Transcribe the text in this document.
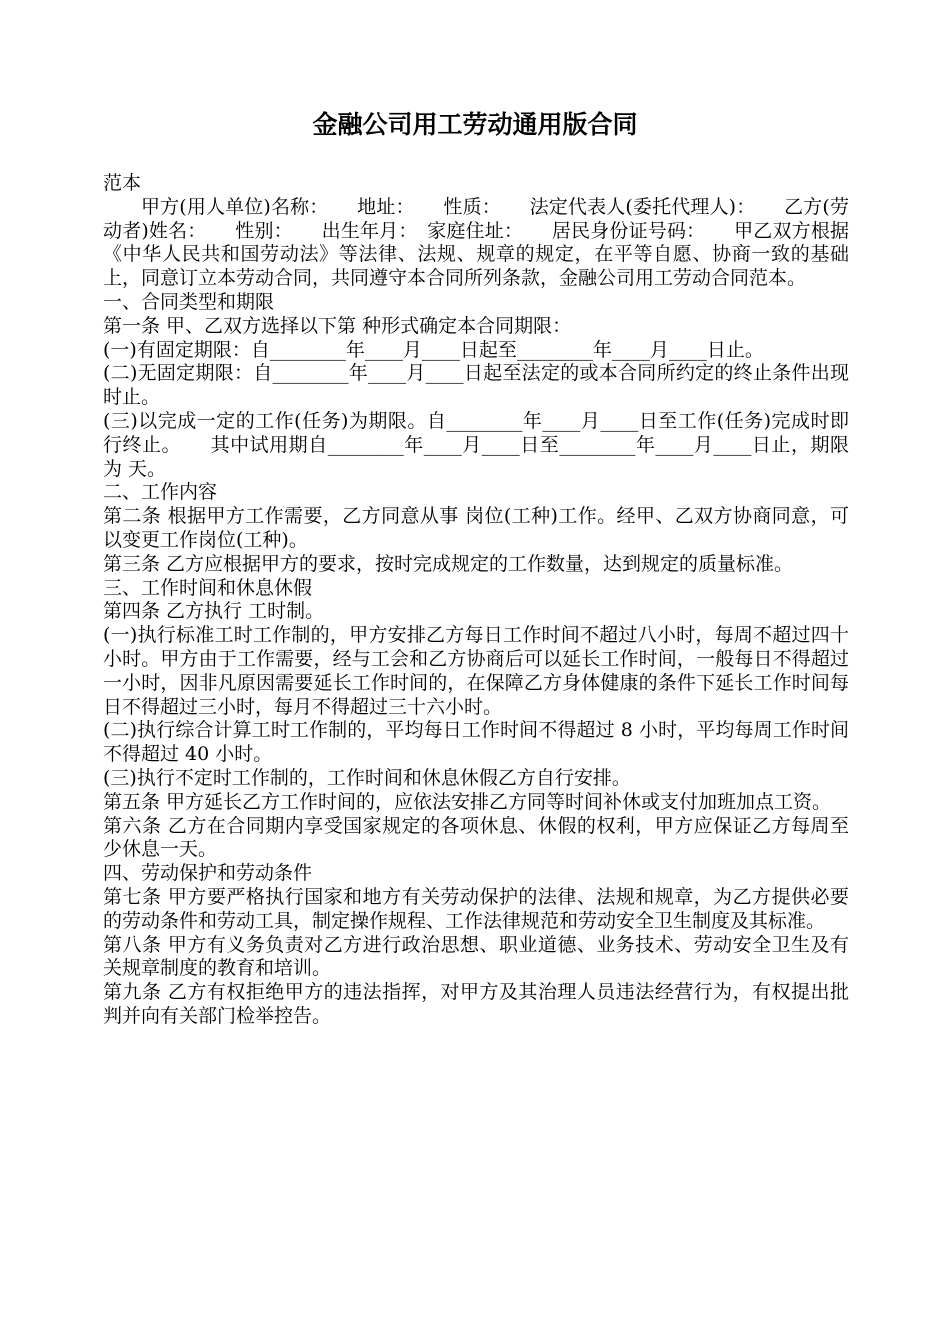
金融公司用工劳动通用版合同

范本

甲方(用人单位)名称：　　地址：　　性质：　　法定代表人(委托代理人)：　　乙方(劳动者)姓名：　　性别：　　出生年月：　家庭住址：　　居民身份证号码：　　甲乙双方根据《中华人民共和国劳动法》等法律、法规、规章的规定，在平等自愿、协商一致的基础上，同意订立本劳动合同，共同遵守本合同所列条款，金融公司用工劳动合同范本。

一、合同类型和期限

第一条 甲、乙双方选择以下第 种形式确定本合同期限：

(一)有固定期限：自________年____月____日起至________年____月____日止。

(二)无固定期限：自________年____月____日起至法定的或本合同所约定的终止条件出现时止。

(三)以完成一定的工作(任务)为期限。自________年____月____日至工作(任务)完成时即行终止。　　其中试用期自________年____月____日至________年____月____日止，期限为 天。

二、工作内容

第二条 根据甲方工作需要，乙方同意从事 岗位(工种)工作。经甲、乙双方协商同意，可以变更工作岗位(工种)。

第三条 乙方应根据甲方的要求，按时完成规定的工作数量，达到规定的质量标准。

三、工作时间和休息休假

第四条 乙方执行 工时制。

(一)执行标准工时工作制的，甲方安排乙方每日工作时间不超过八小时，每周不超过四十小时。甲方由于工作需要，经与工会和乙方协商后可以延长工作时间，一般每日不得超过一小时，因非凡原因需要延长工作时间的，在保障乙方身体健康的条件下延长工作时间每日不得超过三小时，每月不得超过三十六小时。

(二)执行综合计算工时工作制的，平均每日工作时间不得超过 8 小时，平均每周工作时间不得超过 40 小时。

(三)执行不定时工作制的，工作时间和休息休假乙方自行安排。

第五条 甲方延长乙方工作时间的，应依法安排乙方同等时间补休或支付加班加点工资。

第六条 乙方在合同期内享受国家规定的各项休息、休假的权利，甲方应保证乙方每周至少休息一天。

四、劳动保护和劳动条件

第七条 甲方要严格执行国家和地方有关劳动保护的法律、法规和规章，为乙方提供必要的劳动条件和劳动工具，制定操作规程、工作法律规范和劳动安全卫生制度及其标准。

第八条 甲方有义务负责对乙方进行政治思想、职业道德、业务技术、劳动安全卫生及有关规章制度的教育和培训。

第九条 乙方有权拒绝甲方的违法指挥，对甲方及其治理人员违法经营行为，有权提出批判并向有关部门检举控告。
